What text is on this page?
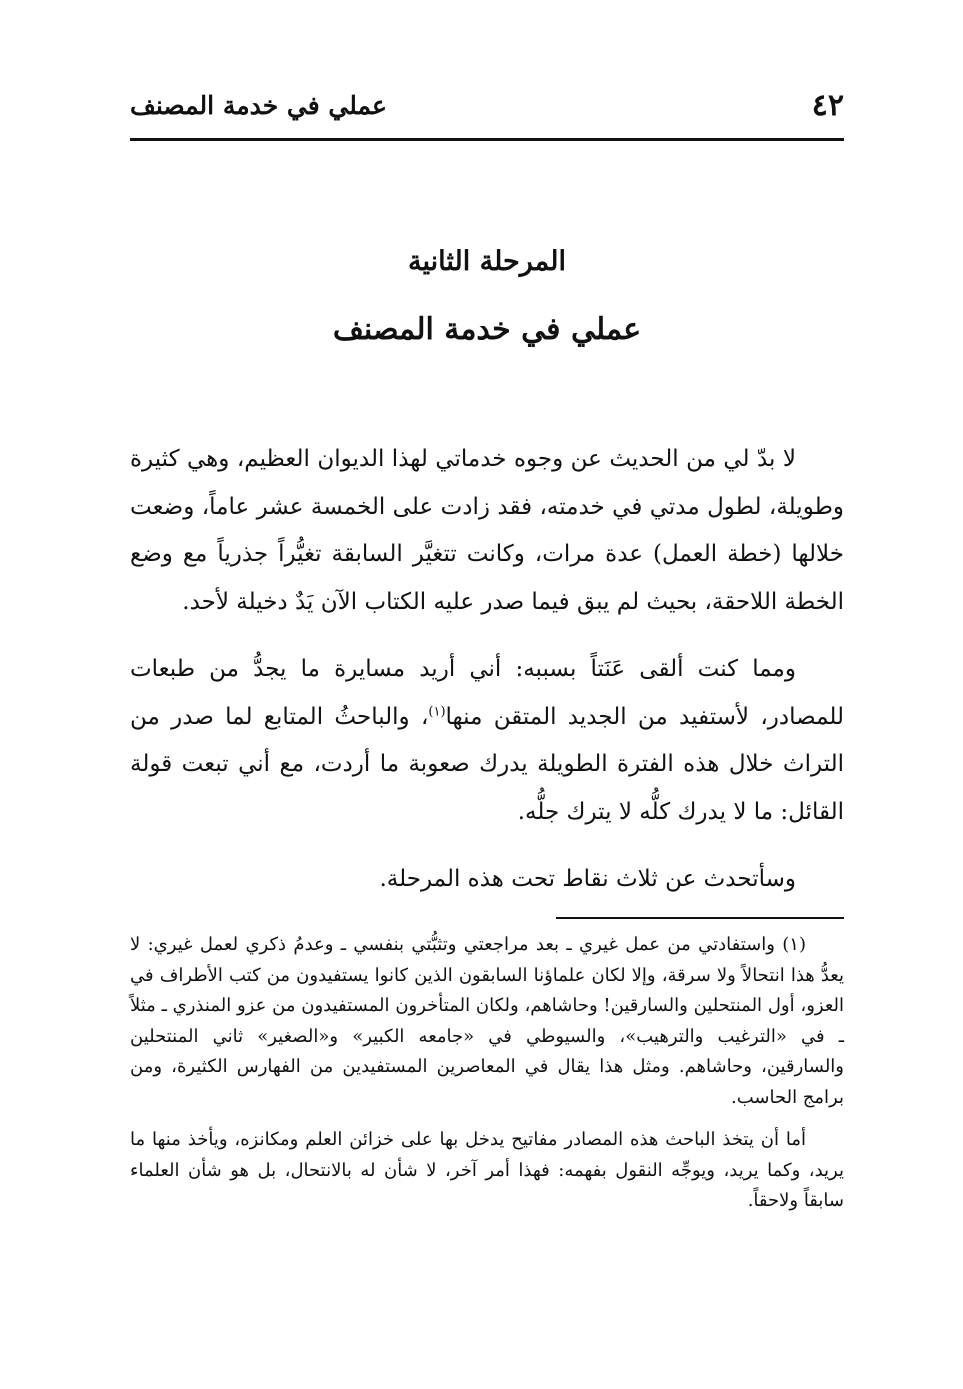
٤٢
عملي في خدمة المصنف
المرحلة الثانية
عملي في خدمة المصنف

لا بدّ لي من الحديث عن وجوه خدماتي لهذا الديوان العظيم، وهي كثيرة وطويلة، لطول مدتي في خدمته، فقد زادت على الخمسة عشر عاماً، وضعت خلالها (خطة العمل) عدة مرات، وكانت تتغيَّر السابقة تغيُّراً جذرياً مع وضع الخطة اللاحقة، بحيث لم يبق فيما صدر عليه الكتاب الآن يَدٌ دخيلة لأحد.

ومما كنت ألقى عَنَتاً بسببه: أني أريد مسايرة ما يجدُّ من طبعات للمصادر، لأستفيد من الجديد المتقن منها$^{(١)}$، والباحثُ المتابع لما صدر من التراث خلال هذه الفترة الطويلة يدرك صعوبة ما أردت، مع أني تبعت قولة القائل: ما لا يدرك كلُّه لا يترك جلُّه.

وسأتحدث عن ثلاث نقاط تحت هذه المرحلة.

(١) واستفادتي من عمل غيري ـ بعد مراجعتي وتثبُّتي بنفسي ـ وعدمُ ذكري لعمل غيري: لا يعدُّ هذا انتحالاً ولا سرقة، وإلا لكان علماؤنا السابقون الذين كانوا يستفيدون من كتب الأطراف في العزو، أول المنتحلين والسارقين! وحاشاهم، ولكان المتأخرون المستفيدون من عزو المنذري ـ مثلاً ـ في «الترغيب والترهيب»، والسيوطي في «جامعه الكبير» و«الصغير» ثاني المنتحلين والسارقين، وحاشاهم. ومثل هذا يقال في المعاصرين المستفيدين من الفهارس الكثيرة، ومن برامج الحاسب.

أما أن يتخذ الباحث هذه المصادر مفاتيح يدخل بها على خزائن العلم ومكانزه، ويأخذ منها ما يريد، وكما يريد، ويوجِّه النقول بفهمه: فهذا أمر آخر، لا شأن له بالانتحال، بل هو شأن العلماء سابقاً ولاحقاً.
